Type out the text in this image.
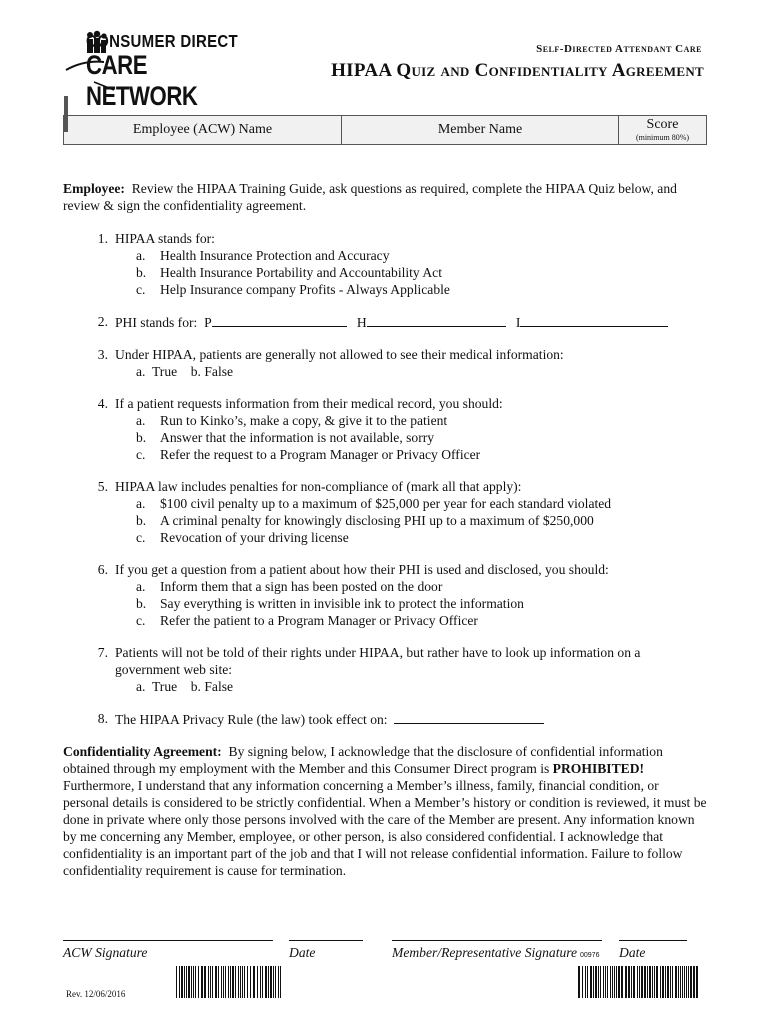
CONSUMER DIRECT
CARE NETWORK
Self-Directed Attendant Care
HIPAA Quiz and Confidentiality Agreement
		Employee (ACW) Name	Member Name	Score
(minimum 80%)

Employee: Review the HIPAA Training Guide, ask questions as required, complete the HIPAA Quiz below, and review & sign the confidentiality agreement.

1. HIPAA stands for:
a. Health Insurance Protection and Accuracy
b. Health Insurance Portability and Accountability Act
c. Help Insurance company Profits - Always Applicable
2. PHI stands for: P	H	I
3. Under HIPAA, patients are generally not allowed to see their medical information:
a.  True    b. False
4. If a patient requests information from their medical record, you should:
a. Run to Kinko’s, make a copy, & give it to the patient
b. Answer that the information is not available, sorry
c. Refer the request to a Program Manager or Privacy Officer
5. HIPAA law includes penalties for non-compliance of (mark all that apply):
a. $100 civil penalty up to a maximum of $25,000 per year for each standard violated
b. A criminal penalty for knowingly disclosing PHI up to a maximum of $250,000
c. Revocation of your driving license
6. If you get a question from a patient about how their PHI is used and disclosed, you should:
a. Inform them that a sign has been posted on the door
b. Say everything is written in invisible ink to protect the information
c. Refer the patient to a Program Manager or Privacy Officer
7. Patients will not be told of their rights under HIPAA, but rather have to look up information on a government web site:
a.  True    b. False
8. The HIPAA Privacy Rule (the law) took effect on:

Confidentiality Agreement: By signing below, I acknowledge that the disclosure of confidential information obtained through my employment with the Member and this Consumer Direct program is PROHIBITED! Furthermore, I understand that any information concerning a Member’s illness, family, financial condition, or personal details is considered to be strictly confidential. When a Member’s history or condition is reviewed, it must be done in private where only those persons involved with the care of the Member are present. Any information known by me concerning any Member, employee, or other person, is also considered confidential. I acknowledge that confidentiality is an important part of the job and that I will not release confidential information. Failure to follow confidentiality requirement is cause for termination.

ACW Signature	Date	Member/Representative Signature	Date
00976
Rev. 12/06/2016
